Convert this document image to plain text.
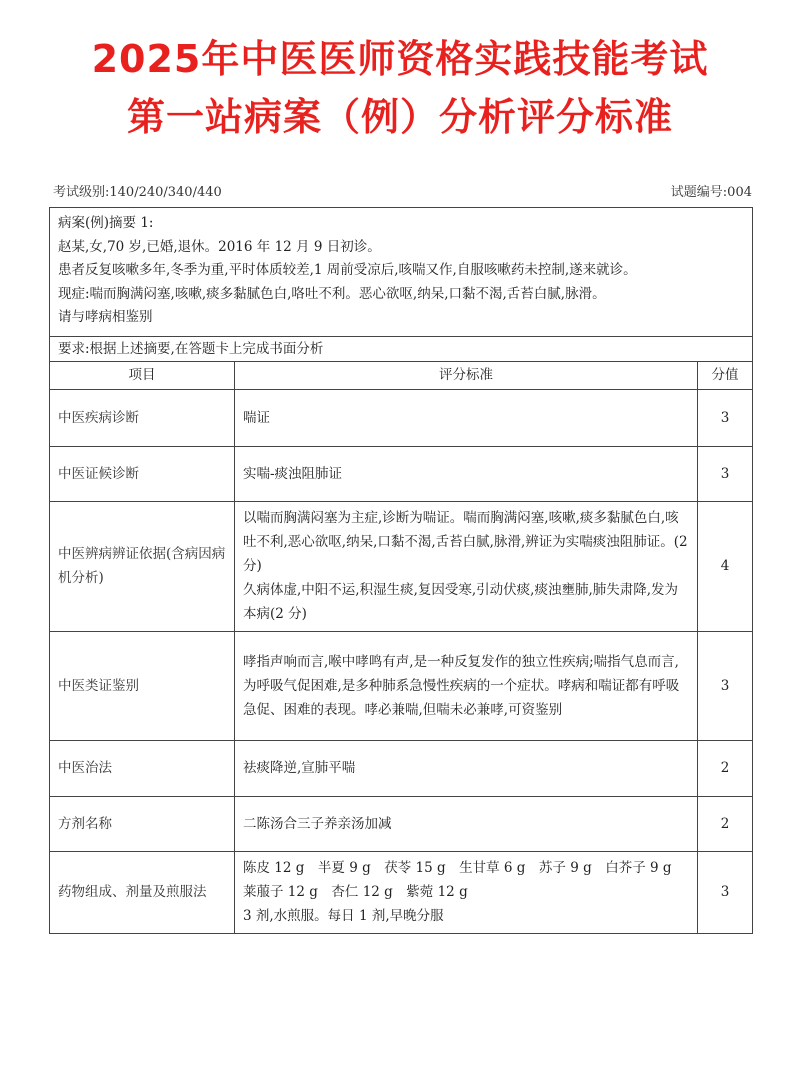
2025年中医医师资格实践技能考试
第一站病案（例）分析评分标准
考试级别:140/240/340/440	试题编号:004
病案(例)摘要 1:
赵某,女,70 岁,已婚,退休。2016 年 12 月 9 日初诊。
患者反复咳嗽多年,冬季为重,平时体质较差,1 周前受凉后,咳喘又作,自服咳嗽药未控制,遂来就诊。
现症:喘而胸满闷塞,咳嗽,痰多黏腻色白,咯吐不利。恶心欲呕,纳呆,口黏不渴,舌苔白腻,脉滑。
请与哮病相鉴别		

要求:根据上述摘要,在答题卡上完成书面分析		
项目	评分标准	分值
中医疾病诊断	喘证	3
中医证候诊断	实喘-痰浊阻肺证	3
中医辨病辨证依据(含病因病机分析)	以喘而胸满闷塞为主症,诊断为喘证。喘而胸满闷塞,咳嗽,痰多黏腻色白,咳吐不利,恶心欲呕,纳呆,口黏不渴,舌苔白腻,脉滑,辨证为实喘痰浊阻肺证。(2 分)

久病体虚,中阳不运,积湿生痰,复因受寒,引动伏痰,痰浊壅肺,肺失肃降,发为本病(2 分)	4
中医类证鉴别	哮指声响而言,喉中哮鸣有声,是一种反复发作的独立性疾病;喘指气息而言,为呼吸气促困难,是多种肺系急慢性疾病的一个症状。哮病和喘证都有呼吸急促、困难的表现。哮必兼喘,但喘未必兼哮,可资鉴别	3
中医治法	祛痰降逆,宣肺平喘	2
方剂名称	二陈汤合三子养亲汤加减	2
药物组成、剂量及煎服法	陈皮 12 g　半夏 9 g　茯苓 15 g　生甘草 6 g　苏子 9 g　白芥子 9 g

莱菔子 12 g　杏仁 12 g　紫菀 12 g

3 剂,水煎服。每日 1 剂,早晚分服	3
